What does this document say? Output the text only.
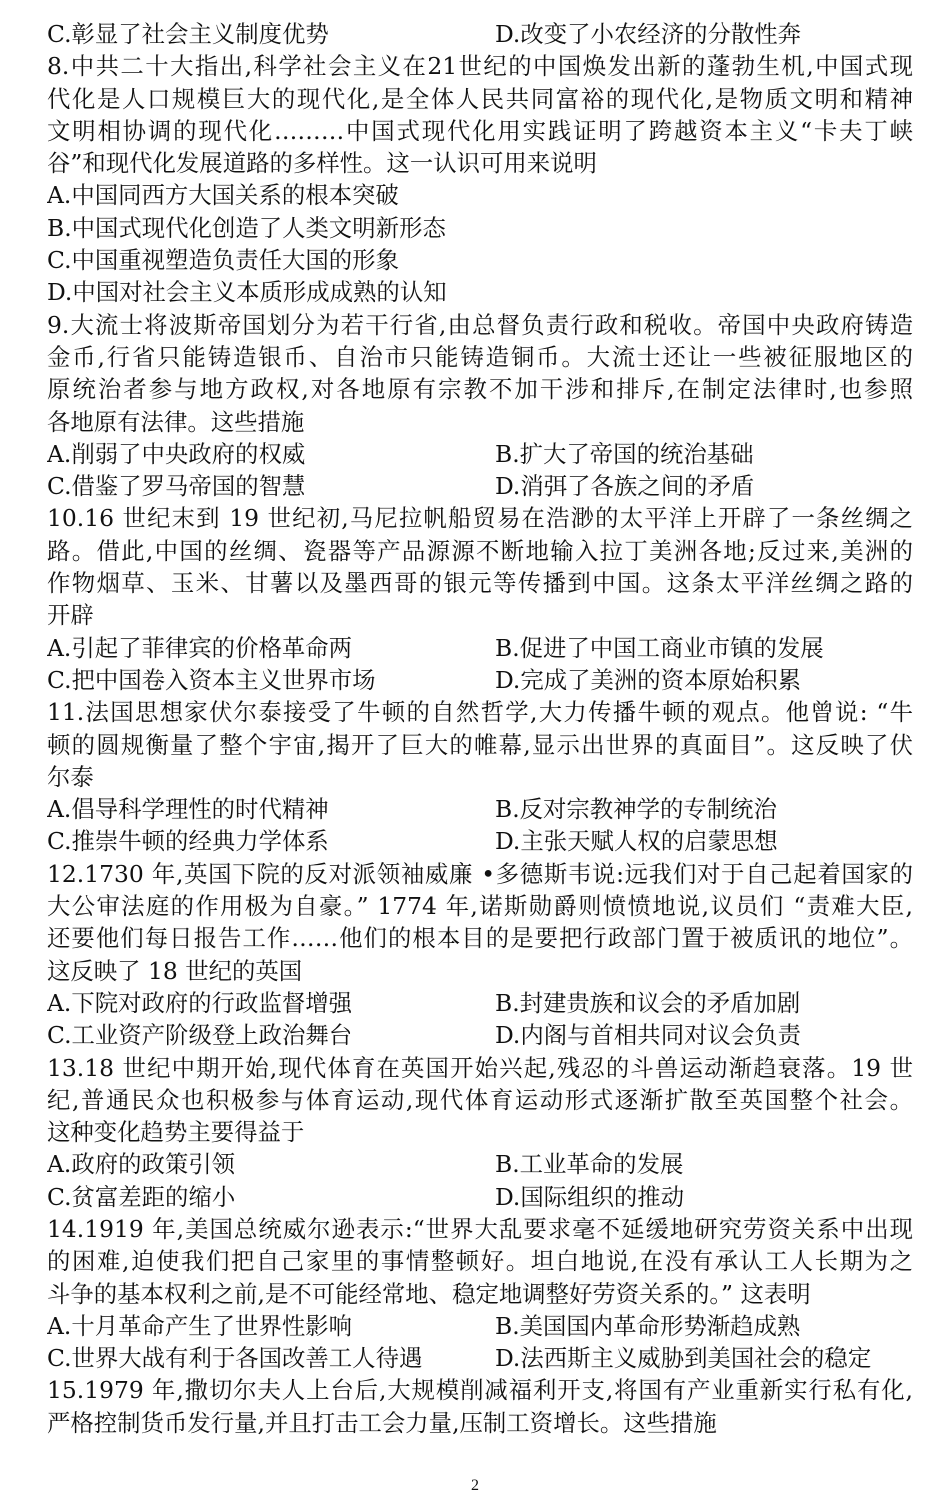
C.彰显了社会主义制度优势	D.改变了小农经济的分散性奔
8.中共二十大指出,科学社会主义在21世纪的中国焕发出新的蓬勃生机,中国式现
代化是人口规模巨大的现代化,是全体人民共同富裕的现代化,是物质文明和精神
文明相协调的现代化………中国式现代化用实践证明了跨越资本主义“卡夫丁峡
谷”和现代化发展道路的多样性。这一认识可用来说明
A.中国同西方大国关系的根本突破
B.中国式现代化创造了人类文明新形态
C.中国重视塑造负责任大国的形象
D.中国对社会主义本质形成成熟的认知
9.大流士将波斯帝国划分为若干行省,由总督负责行政和税收。帝国中央政府铸造
金币,行省只能铸造银币、自治市只能铸造铜币。大流士还让一些被征服地区的
原统治者参与地方政权,对各地原有宗教不加干涉和排斥,在制定法律时,也参照
各地原有法律。这些措施
A.削弱了中央政府的权威	B.扩大了帝国的统治基础
C.借鉴了罗马帝国的智慧	D.消弭了各族之间的矛盾
10.16 世纪末到 19 世纪初,马尼拉帆船贸易在浩渺的太平洋上开辟了一条丝绸之
路。借此,中国的丝绸、瓷器等产品源源不断地输入拉丁美洲各地;反过来,美洲的
作物烟草、玉米、甘薯以及墨西哥的银元等传播到中国。这条太平洋丝绸之路的
开辟
A.引起了菲律宾的价格革命两	B.促进了中国工商业市镇的发展
C.把中国卷入资本主义世界市场	D.完成了美洲的资本原始积累
11.法国思想家伏尔泰接受了牛顿的自然哲学,大力传播牛顿的观点。他曾说: “牛
顿的圆规衡量了整个宇宙,揭开了巨大的帷幕,显示出世界的真面目”。这反映了伏
尔泰
A.倡导科学理性的时代精神	B.反对宗教神学的专制统治
C.推崇牛顿的经典力学体系	D.主张天赋人权的启蒙思想
12.1730 年,英国下院的反对派领袖威廉 •多德斯韦说:远我们对于自己起着国家的
大公审法庭的作用极为自豪。” 1774 年,诺斯勋爵则愤愤地说,议员们 “责难大臣,
还要他们每日报告工作……他们的根本目的是要把行政部门置于被质讯的地位”。
这反映了 18 世纪的英国
A.下院对政府的行政监督增强	B.封建贵族和议会的矛盾加剧
C.工业资产阶级登上政治舞台	D.内阁与首相共同对议会负责
13.18 世纪中期开始,现代体育在英国开始兴起,残忍的斗兽运动渐趋衰落。19 世
纪,普通民众也积极参与体育运动,现代体育运动形式逐渐扩散至英国整个社会。
这种变化趋势主要得益于
A.政府的政策引领	B.工业革命的发展
C.贫富差距的缩小	D.国际组织的推动
14.1919 年,美国总统威尔逊表示:“世界大乱要求毫不延缓地研究劳资关系中出现
的困难,迫使我们把自己家里的事情整顿好。坦白地说,在没有承认工人长期为之
斗争的基本权利之前,是不可能经常地、稳定地调整好劳资关系的。” 这表明
A.十月革命产生了世界性影响	B.美国国内革命形势渐趋成熟
C.世界大战有利于各国改善工人待遇	D.法西斯主义威胁到美国社会的稳定
15.1979 年,撒切尔夫人上台后,大规模削减福利开支,将国有产业重新实行私有化,
严格控制货币发行量,并且打击工会力量,压制工资增长。这些措施
2
